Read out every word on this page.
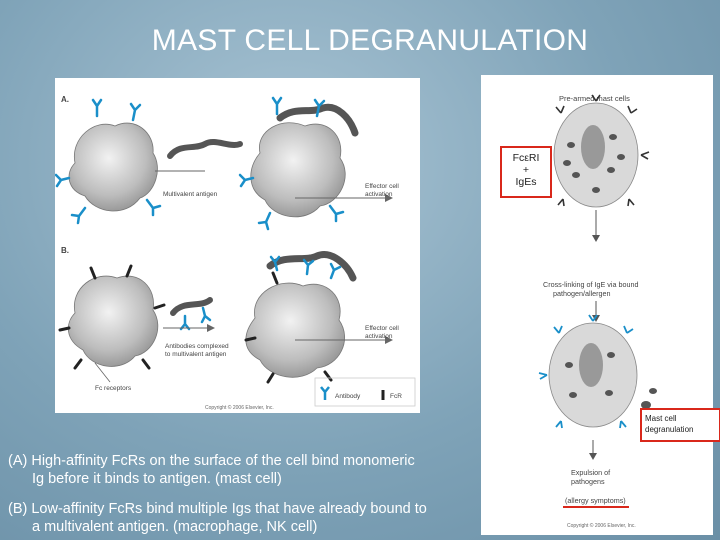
MAST CELL DEGRANULATION
A.
B.
Multivalent antigen
Effector cell
activation
Antibodies complexed
to multivalent antigen
Effector cell
activation
Fc receptors
Antibody	FcR
Copyright © 2006 Elsevier, Inc.
Pre-armed mast cells
Cross-linking of IgE via bound
pathogen/allergen
Expulsion of
pathogens
(allergy symptoms)
Copyright © 2006 Elsevier, Inc.
FcεRI
+
IgEs
Mast cell
degranulation
(A) High-affinity FcRs on the surface of the cell bind monomeric
Ig before it binds to antigen. (mast cell)
(B) Low-affinity FcRs bind multiple Igs that have already bound to
a multivalent antigen. (macrophage, NK cell)
